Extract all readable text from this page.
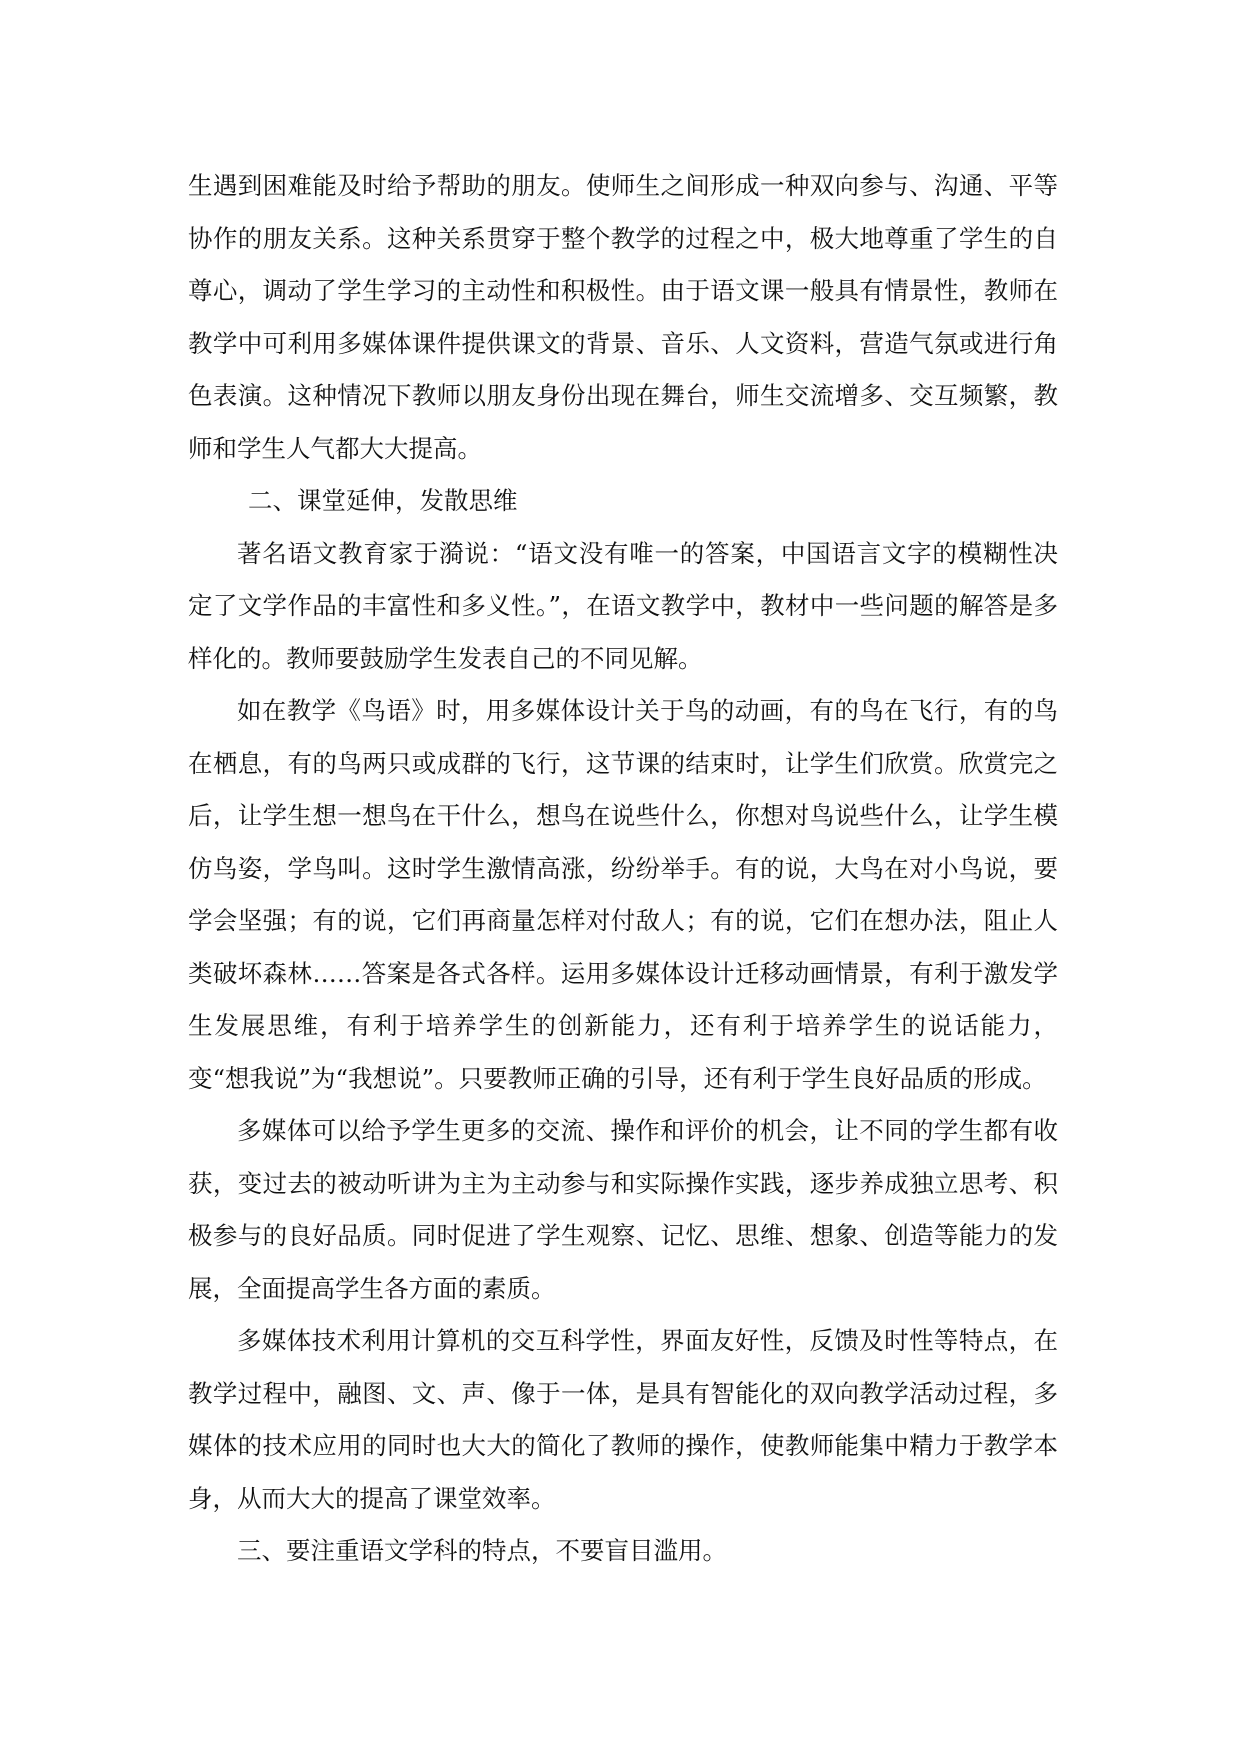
生遇到困难能及时给予帮助的朋友。使师生之间形成一种双向参与、沟通、平等协作的朋友关系。这种关系贯穿于整个教学的过程之中，极大地尊重了学生的自尊心，调动了学生学习的主动性和积极性。由于语文课一般具有情景性，教师在教学中可利用多媒体课件提供课文的背景、音乐、人文资料，营造气氛或进行角色表演。这种情况下教师以朋友身份出现在舞台，师生交流增多、交互频繁，教师和学生人气都大大提高。

二、课堂延伸，发散思维

著名语文教育家于漪说：“语文没有唯一的答案，中国语言文字的模糊性决定了文学作品的丰富性和多义性。”，在语文教学中，教材中一些问题的解答是多样化的。教师要鼓励学生发表自己的不同见解。

如在教学《鸟语》时，用多媒体设计关于鸟的动画，有的鸟在飞行，有的鸟在栖息，有的鸟两只或成群的飞行，这节课的结束时，让学生们欣赏。欣赏完之后，让学生想一想鸟在干什么，想鸟在说些什么，你想对鸟说些什么，让学生模仿鸟姿，学鸟叫。这时学生激情高涨，纷纷举手。有的说，大鸟在对小鸟说，要学会坚强；有的说，它们再商量怎样对付敌人；有的说，它们在想办法，阻止人类破坏森林……答案是各式各样。运用多媒体设计迁移动画情景，有利于激发学生发展思维，有利于培养学生的创新能力，还有利于培养学生的说话能力，变“想我说”为“我想说”。只要教师正确的引导，还有利于学生良好品质的形成。

多媒体可以给予学生更多的交流、操作和评价的机会，让不同的学生都有收获，变过去的被动听讲为主为主动参与和实际操作实践，逐步养成独立思考、积极参与的良好品质。同时促进了学生观察、记忆、思维、想象、创造等能力的发展，全面提高学生各方面的素质。

多媒体技术利用计算机的交互科学性，界面友好性，反馈及时性等特点，在教学过程中，融图、文、声、像于一体，是具有智能化的双向教学活动过程，多媒体的技术应用的同时也大大的简化了教师的操作，使教师能集中精力于教学本身，从而大大的提高了课堂效率。

三、要注重语文学科的特点，不要盲目滥用。
